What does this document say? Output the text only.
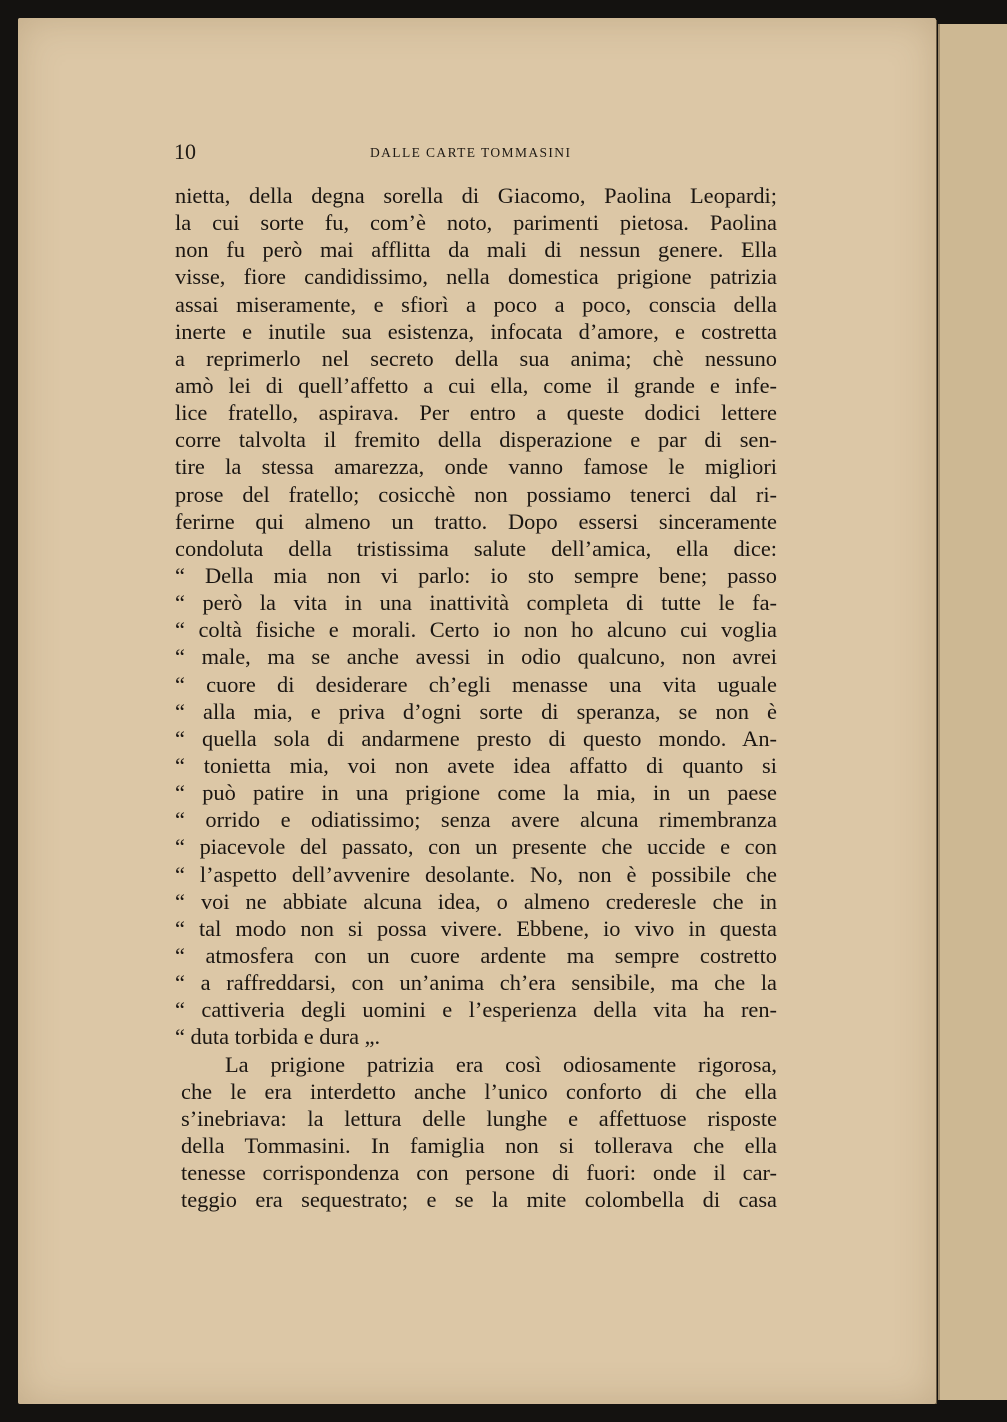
10	DALLE CARTE TOMMASINI
nietta, della degna sorella di Giacomo, Paolina Leopardi;
la cui sorte fu, com’è noto, parimenti pietosa. Paolina
non fu però mai afflitta da mali di nessun genere. Ella
visse, fiore candidissimo, nella domestica prigione patrizia
assai miseramente, e sfiorì a poco a poco, conscia della
inerte e inutile sua esistenza, infocata d’amore, e costretta
a reprimerlo nel secreto della sua anima; chè nessuno
amò lei di quell’affetto a cui ella, come il grande e infe-
lice fratello, aspirava. Per entro a queste dodici lettere
corre talvolta il fremito della disperazione e par di sen-
tire la stessa amarezza, onde vanno famose le migliori
prose del fratello; cosicchè non possiamo tenerci dal ri-
ferirne qui almeno un tratto. Dopo essersi sinceramente
condoluta della tristissima salute dell’amica, ella dice:
“ Della mia non vi parlo: io sto sempre bene; passo
“ però la vita in una inattività completa di tutte le fa-
“ coltà fisiche e morali. Certo io non ho alcuno cui voglia
“ male, ma se anche avessi in odio qualcuno, non avrei
“ cuore di desiderare ch’egli menasse una vita uguale
“ alla mia, e priva d’ogni sorte di speranza, se non è
“ quella sola di andarmene presto di questo mondo. An-
“ tonietta mia, voi non avete idea affatto di quanto si
“ può patire in una prigione come la mia, in un paese
“ orrido e odiatissimo; senza avere alcuna rimembranza
“ piacevole del passato, con un presente che uccide e con
“ l’aspetto dell’avvenire desolante. No, non è possibile che
“ voi ne abbiate alcuna idea, o almeno crederesle che in
“ tal modo non si possa vivere. Ebbene, io vivo in questa
“ atmosfera con un cuore ardente ma sempre costretto
“ a raffreddarsi, con un’anima ch’era sensibile, ma che la
“ cattiveria degli uomini e l’esperienza della vita ha ren-
“ duta torbida e dura „.
La prigione patrizia era così odiosamente rigorosa,
che le era interdetto anche l’unico conforto di che ella
s’inebriava: la lettura delle lunghe e affettuose risposte
della Tommasini. In famiglia non si tollerava che ella
tenesse corrispondenza con persone di fuori: onde il car-
teggio era sequestrato; e se la mite colombella di casa
